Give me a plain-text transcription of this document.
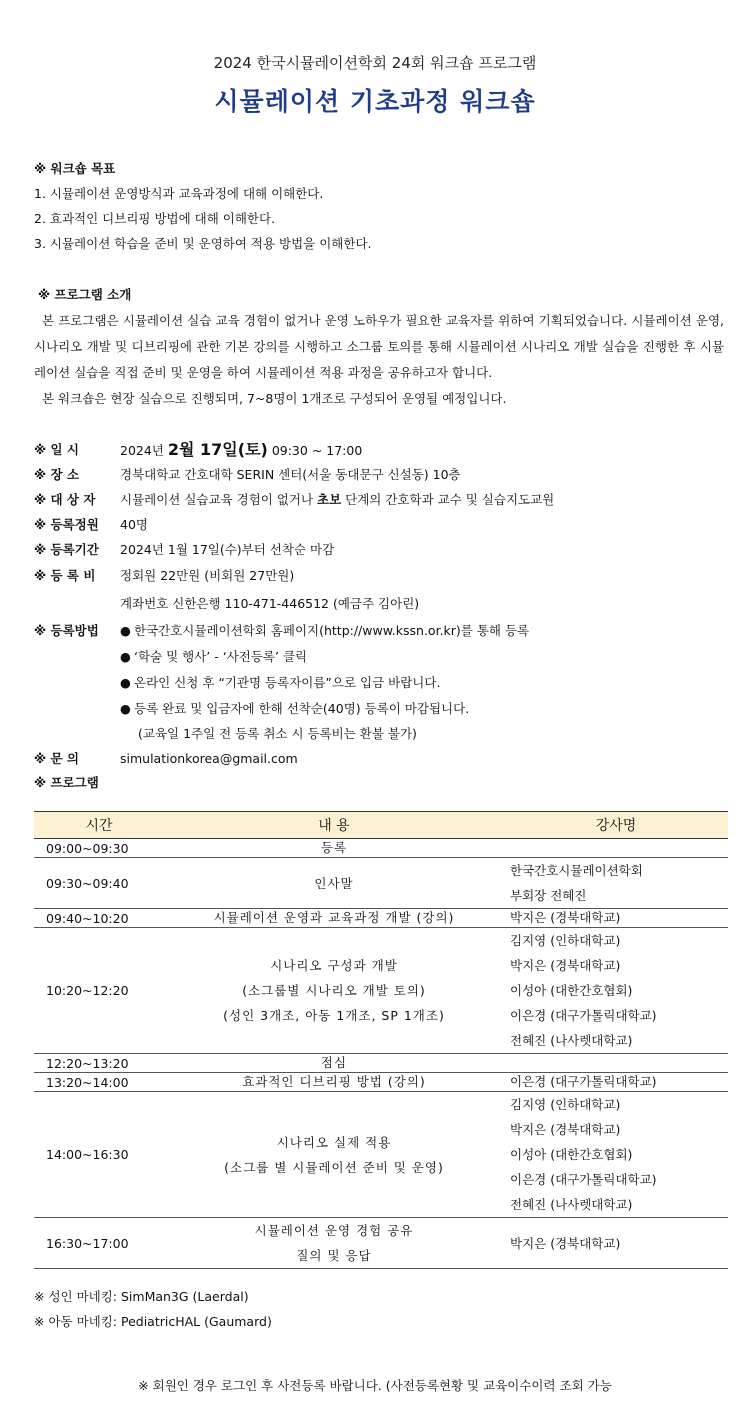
2024 한국시뮬레이션학회 24회 워크숍 프로그램
시뮬레이션 기초과정 워크숍
※ 워크숍 목표
1. 시뮬레이션 운영방식과 교육과정에 대해 이해한다.
2. 효과적인 디브리핑 방법에 대해 이해한다.
3. 시뮬레이션 학습을 준비 및 운영하여 적용 방법을 이해한다.
※ 프로그램 소개

본 프로그램은 시뮬레이션 실습 교육 경험이 없거나 운영 노하우가 필요한 교육자를 위하여 기획되었습니다. 시뮬레이션 운영, 시나리오 개발 및 디브리핑에 관한 기본 강의를 시행하고 소그룹 토의를 통해 시뮬레이션 시나리오 개발 실습을 진행한 후 시뮬레이션 실습을 직접 준비 및 운영을 하여 시뮬레이션 적용 과정을 공유하고자 합니다.

본 워크숍은 현장 실습으로 진행되며, 7~8명이 1개조로 구성되어 운영될 예정입니다.

※ 일 시	2024년 2월 17일(토) 09:30 ~ 17:00
※ 장 소	경북대학교 간호대학 SERIN 센터(서울 동대문구 신설동) 10층
※ 대 상 자	시뮬레이션 실습교육 경험이 없거나 초보 단계의 간호학과 교수 및 실습지도교원
※ 등록정원	40명
※ 등록기간	2024년 1월 17일(수)부터 선착순 마감
※ 등 록 비	정회원 22만원 (비회원 27만원)
계좌번호 신한은행 110-471-446512 (예금주 김아린)
※ 등록방법	● 한국간호시뮬레이션학회 홈페이지(http://www.kssn.or.kr)를 통해 등록
● ‘학술 및 행사’ - ‘사전등록’ 클릭
● 온라인 신청 후 “기관명 등록자이름”으로 입금 바랍니다.
● 등록 완료 및 입금자에 한해 선착순(40명) 등록이 마감됩니다.
(교육일 1주일 전 등록 취소 시 등록비는 환불 불가)
※ 문 의	simulationkorea@gmail.com
※ 프로그램
시간	내 용	강사명
09:00~09:30	등록	

09:30~09:40	인사말	한국간호시뮬레이션학회
부회장 전혜진

09:40~10:20	시뮬레이션 운영과 교육과정 개발 (강의)	박지은 (경북대학교)

10:20~12:20	시나리오 구성과 개발
(소그룹별 시나리오 개발 토의)
(성인 3개조, 아동 1개조, SP 1개조)	김지영 (인하대학교)
박지은 (경북대학교)
이성아 (대한간호협회)
이은경 (대구가톨릭대학교)
전혜진 (나사렛대학교)

12:20~13:20	점심	

13:20~14:00	효과적인 디브리핑 방법 (강의)	이은경 (대구가톨릭대학교)

14:00~16:30	시나리오 실제 적용
(소그룹 별 시뮬레이션 준비 및 운영)	김지영 (인하대학교)
박지은 (경북대학교)
이성아 (대한간호협회)
이은경 (대구가톨릭대학교)
전혜진 (나사렛대학교)

16:30~17:00	시뮬레이션 운영 경험 공유
질의 및 응답	박지은 (경북대학교)
※ 성인 마네킹: SimMan3G (Laerdal)
※ 아동 마네킹: PediatricHAL (Gaumard)
※ 회원인 경우 로그인 후 사전등록 바랍니다. (사전등록현황 및 교육이수이력 조회 가능
